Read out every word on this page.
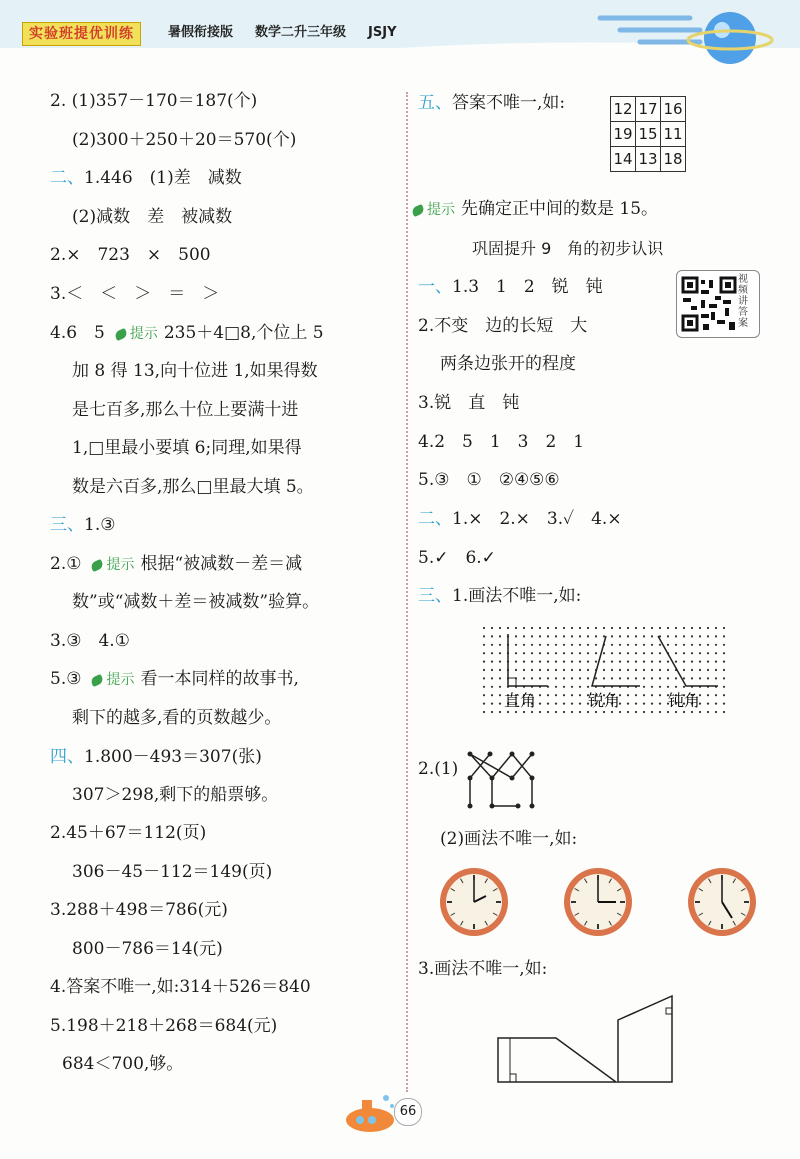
实验班提优训练	暑假衔接版 数学二升三年级 JSJY
2. (1)357－170＝187(个)
(2)300＋250＋20＝570(个)
二、1.446　(1)差　减数
(2)减数　差　被减数
2.×　723　×　500
3.＜　＜　＞　＝　＞
4.6　5 提示 235＋4□8,个位上 5
加 8 得 13,向十位进 1,如果得数
是七百多,那么十位上要满十进
1,□里最小要填 6;同理,如果得
数是六百多,那么□里最大填 5。
三、1.③
2.① 提示 根据“被减数－差＝减
数”或“减数＋差＝被减数”验算。
3.③　4.①
5.③ 提示 看一本同样的故事书,
剩下的越多,看的页数越少。
四、1.800－493＝307(张)
307＞298,剩下的船票够。
2.45＋67＝112(页)
306－45－112＝149(页)
3.288＋498＝786(元)
800－786＝14(元)
4.答案不唯一,如:314＋526＝840
5.198＋218＋268＝684(元)
684＜700,够。
五、答案不唯一,如:	12	17	16
19	15	11
14	13	18
提示 先确定正中间的数是 15。
巩固提升 9　角的初步认识
视频讲答案
一、1.3　1　2　锐　钝
2.不变　边的长短　大
两条边张开的程度
3.锐　直　钝
4.2　5　1　3　2　1
5.③　①　②④⑤⑥
二、1.×　2.×　3.✓　4.×
5.✓　6.✓
三、1.画法不唯一,如:
直角	锐角	钝角
2.(1)
(2)画法不唯一,如:
3.画法不唯一,如:
66
